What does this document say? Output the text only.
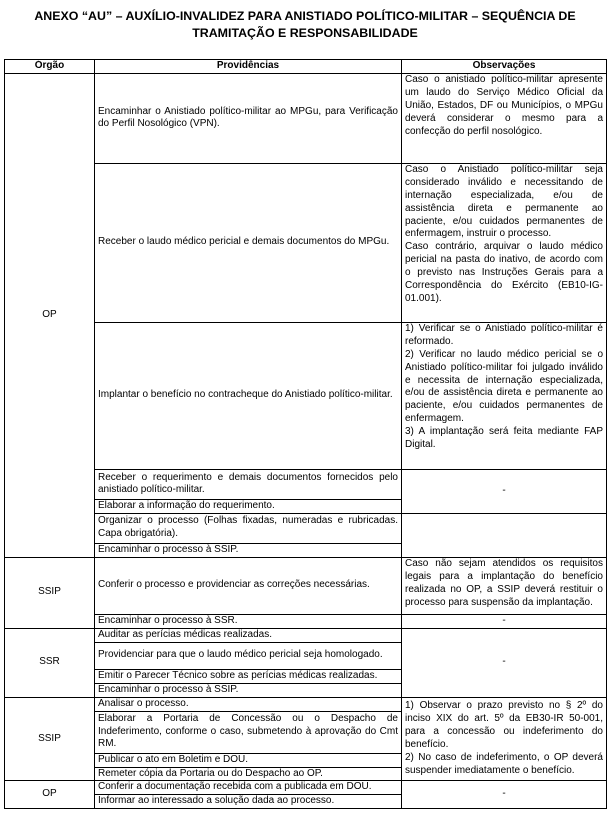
ANEXO “AU” – AUXÍLIO-INVALIDEZ PARA ANISTIADO POLÍTICO-MILITAR – SEQUÊNCIA DE
TRAMITAÇÃO E RESPONSABILIDADE
Órgão	Providências	Observações
OP	Encaminhar o Anistiado político-militar ao MPGu, para Verificação do Perfil Nosológico (VPN).	Caso o anistiado político-militar apresente um laudo do Serviço Médico Oficial da União, Estados, DF ou Municípios, o MPGu deverá considerar o mesmo para a confecção do perfil nosológico.

	Receber o laudo médico pericial e demais documentos do MPGu.	Caso o Anistiado político-militar seja considerado inválido e necessitando de internação especializada, e/ou de assistência direta e permanente ao paciente, e/ou cuidados permanentes de enfermagem, instruir o processo.

Caso contrário, arquivar o laudo médico pericial na pasta do inativo, de acordo com o previsto nas Instruções Gerais para a Correspondência do Exército (EB10-IG-01.001).

	Implantar o benefício no contracheque do Anistiado político-militar.	1) Verificar se o Anistiado político-militar é reformado.

2) Verificar no laudo médico pericial se o Anistiado político-militar foi julgado inválido e necessita de internação especializada, e/ou de assistência direta e permanente ao paciente, e/ou cuidados permanentes de enfermagem.

3) A implantação será feita mediante FAP Digital.

	Receber o requerimento e demais documentos fornecidos pelo anistiado político-militar.	-
	Elaborar a informação do requerimento.	
	Organizar o processo (Folhas fixadas, numeradas e rubricadas. Capa obrigatória).	
	Encaminhar o processo à SSIP.	
SSIP	Conferir o processo e providenciar as correções necessárias.	Caso não sejam atendidos os requisitos legais para a implantação do benefício realizada no OP, a SSIP deverá restituir o processo para suspensão da implantação.

	Encaminhar o processo à SSR.	-
SSR	Auditar as perícias médicas realizadas.	-
	Providenciar para que o laudo médico pericial seja homologado.	
	Emitir o Parecer Técnico sobre as perícias médicas realizadas.	
	Encaminhar o processo à SSIP.	
SSIP	Analisar o processo.	1) Observar o prazo previsto no § 2º do inciso XIX do art. 5º da EB30-IR 50-001, para a concessão ou indeferimento do benefício.

2) No caso de indeferimento, o OP deverá suspender imediatamente o benefício.

	Elaborar a Portaria de Concessão ou o Despacho de Indeferimento, conforme o caso, submetendo à aprovação do Cmt RM.	
	Publicar o ato em Boletim e DOU.	
	Remeter cópia da Portaria ou do Despacho ao OP.	
OP	Conferir a documentação recebida com a publicada em DOU.	-
	Informar ao interessado a solução dada ao processo.	
